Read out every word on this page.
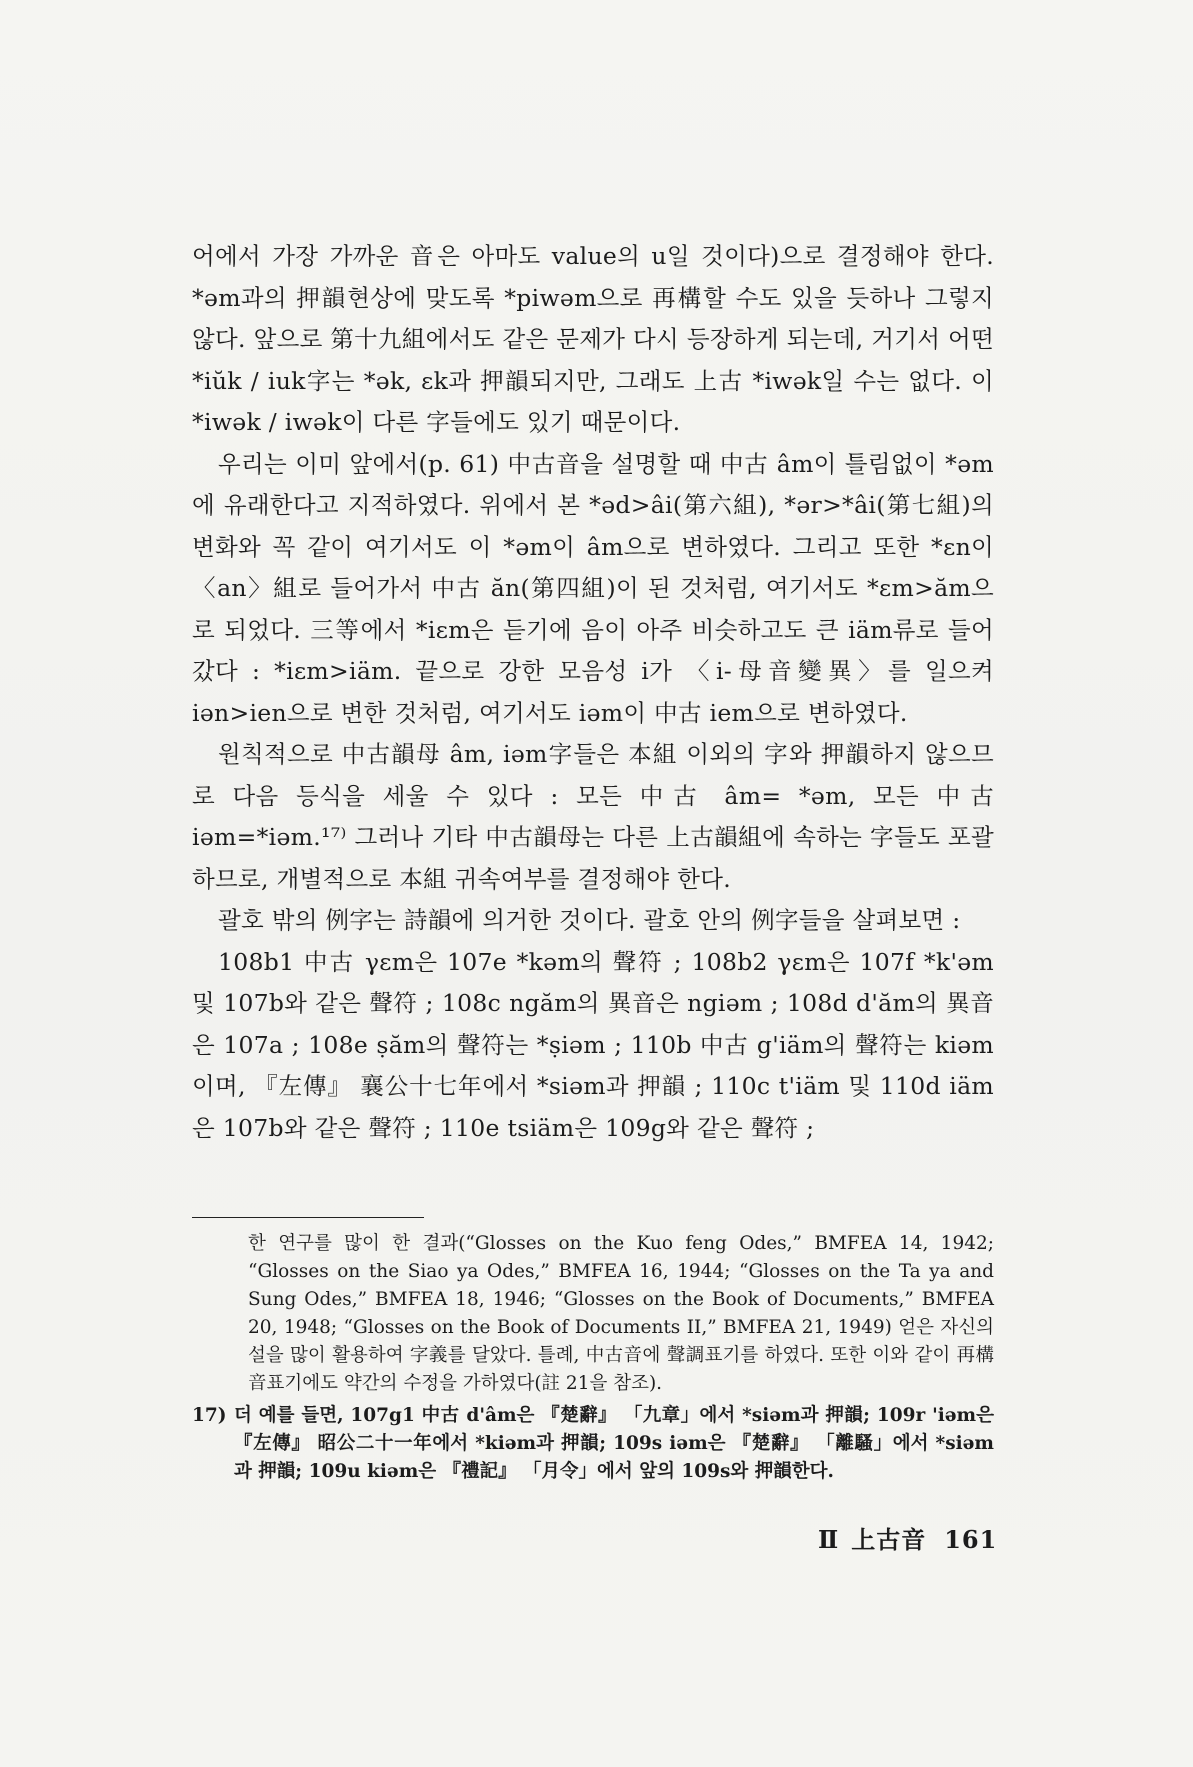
어에서 가장 가까운 音은 아마도 value의 u일 것이다)으로 결정해야 한다. *əm과의 押韻현상에 맞도록 *piwəm으로 再構할 수도 있을 듯하나 그렇지 않다. 앞으로 第十九組에서도 같은 문제가 다시 등장하게 되는데, 거기서 어떤 *iŭk / iuk字는 *ək, εk과 押韻되지만, 그래도 上古 *iwək일 수는 없다. 이 *iwək / iwək이 다른 字들에도 있기 때문이다.

우리는 이미 앞에서(p. 61) 中古音을 설명할 때 中古 âm이 틀림없이 *əm에 유래한다고 지적하였다. 위에서 본 *əd>âi(第六組), *ər>*âi(第七組)의 변화와 꼭 같이 여기서도 이 *əm이 âm으로 변하였다. 그리고 또한 *εn이 〈an〉組로 들어가서 中古 ăn(第四組)이 된 것처럼, 여기서도 *εm>ăm으로 되었다. 三等에서 *iεm은 듣기에 음이 아주 비슷하고도 큰 iäm류로 들어갔다 : *iεm>iäm. 끝으로 강한 모음성 i가 〈i-母音變異〉를 일으켜 iən>ien으로 변한 것처럼, 여기서도 iəm이 中古 iem으로 변하였다.

원칙적으로 中古韻母 âm, iəm字들은 本組 이외의 字와 押韻하지 않으므로 다음 등식을 세울 수 있다 : 모든 中古 âm= *əm, 모든 中古 iəm=*iəm.¹⁷⁾ 그러나 기타 中古韻母는 다른 上古韻組에 속하는 字들도 포괄하므로, 개별적으로 本組 귀속여부를 결정해야 한다.

괄호 밖의 例字는 詩韻에 의거한 것이다. 괄호 안의 例字들을 살펴보면 :

108b1 中古 γεm은 107e *kəm의 聲符 ; 108b2 γεm은 107f *k'əm 및 107b와 같은 聲符 ; 108c ngăm의 異音은 ngiəm ; 108d d'ăm의 異音은 107a ; 108e ṣăm의 聲符는 *ṣiəm ; 110b 中古 g'iäm의 聲符는 kiəm이며, 『左傳』 襄公十七年에서 *siəm과 押韻 ; 110c t'iäm 및 110d iäm은 107b와 같은 聲符 ; 110e tsiäm은 109g와 같은 聲符 ;

한 연구를 많이 한 결과(“Glosses on the Kuo feng Odes,” BMFEA 14, 1942; “Glosses on the Siao ya Odes,” BMFEA 16, 1944; “Glosses on the Ta ya and Sung Odes,” BMFEA 18, 1946; “Glosses on the Book of Documents,” BMFEA 20, 1948; “Glosses on the Book of Documents II,” BMFEA 21, 1949) 얻은 자신의 설을 많이 활용하여 字義를 달았다. 틀례, 中古音에 聲調표기를 하였다. 또한 이와 같이 再構音표기에도 약간의 수정을 가하였다(註 21을 참조).
17) 더 예를 들면, 107g1 中古 d'âm은 『楚辭』 「九章」에서 *siəm과 押韻; 109r 'iəm은 『左傳』 昭公二十一年에서 *kiəm과 押韻; 109s iəm은 『楚辭』 「離騷」에서 *siəm과 押韻; 109u kiəm은 『禮記』 「月令」에서 앞의 109s와 押韻한다.
Ⅱ 上古音 161
